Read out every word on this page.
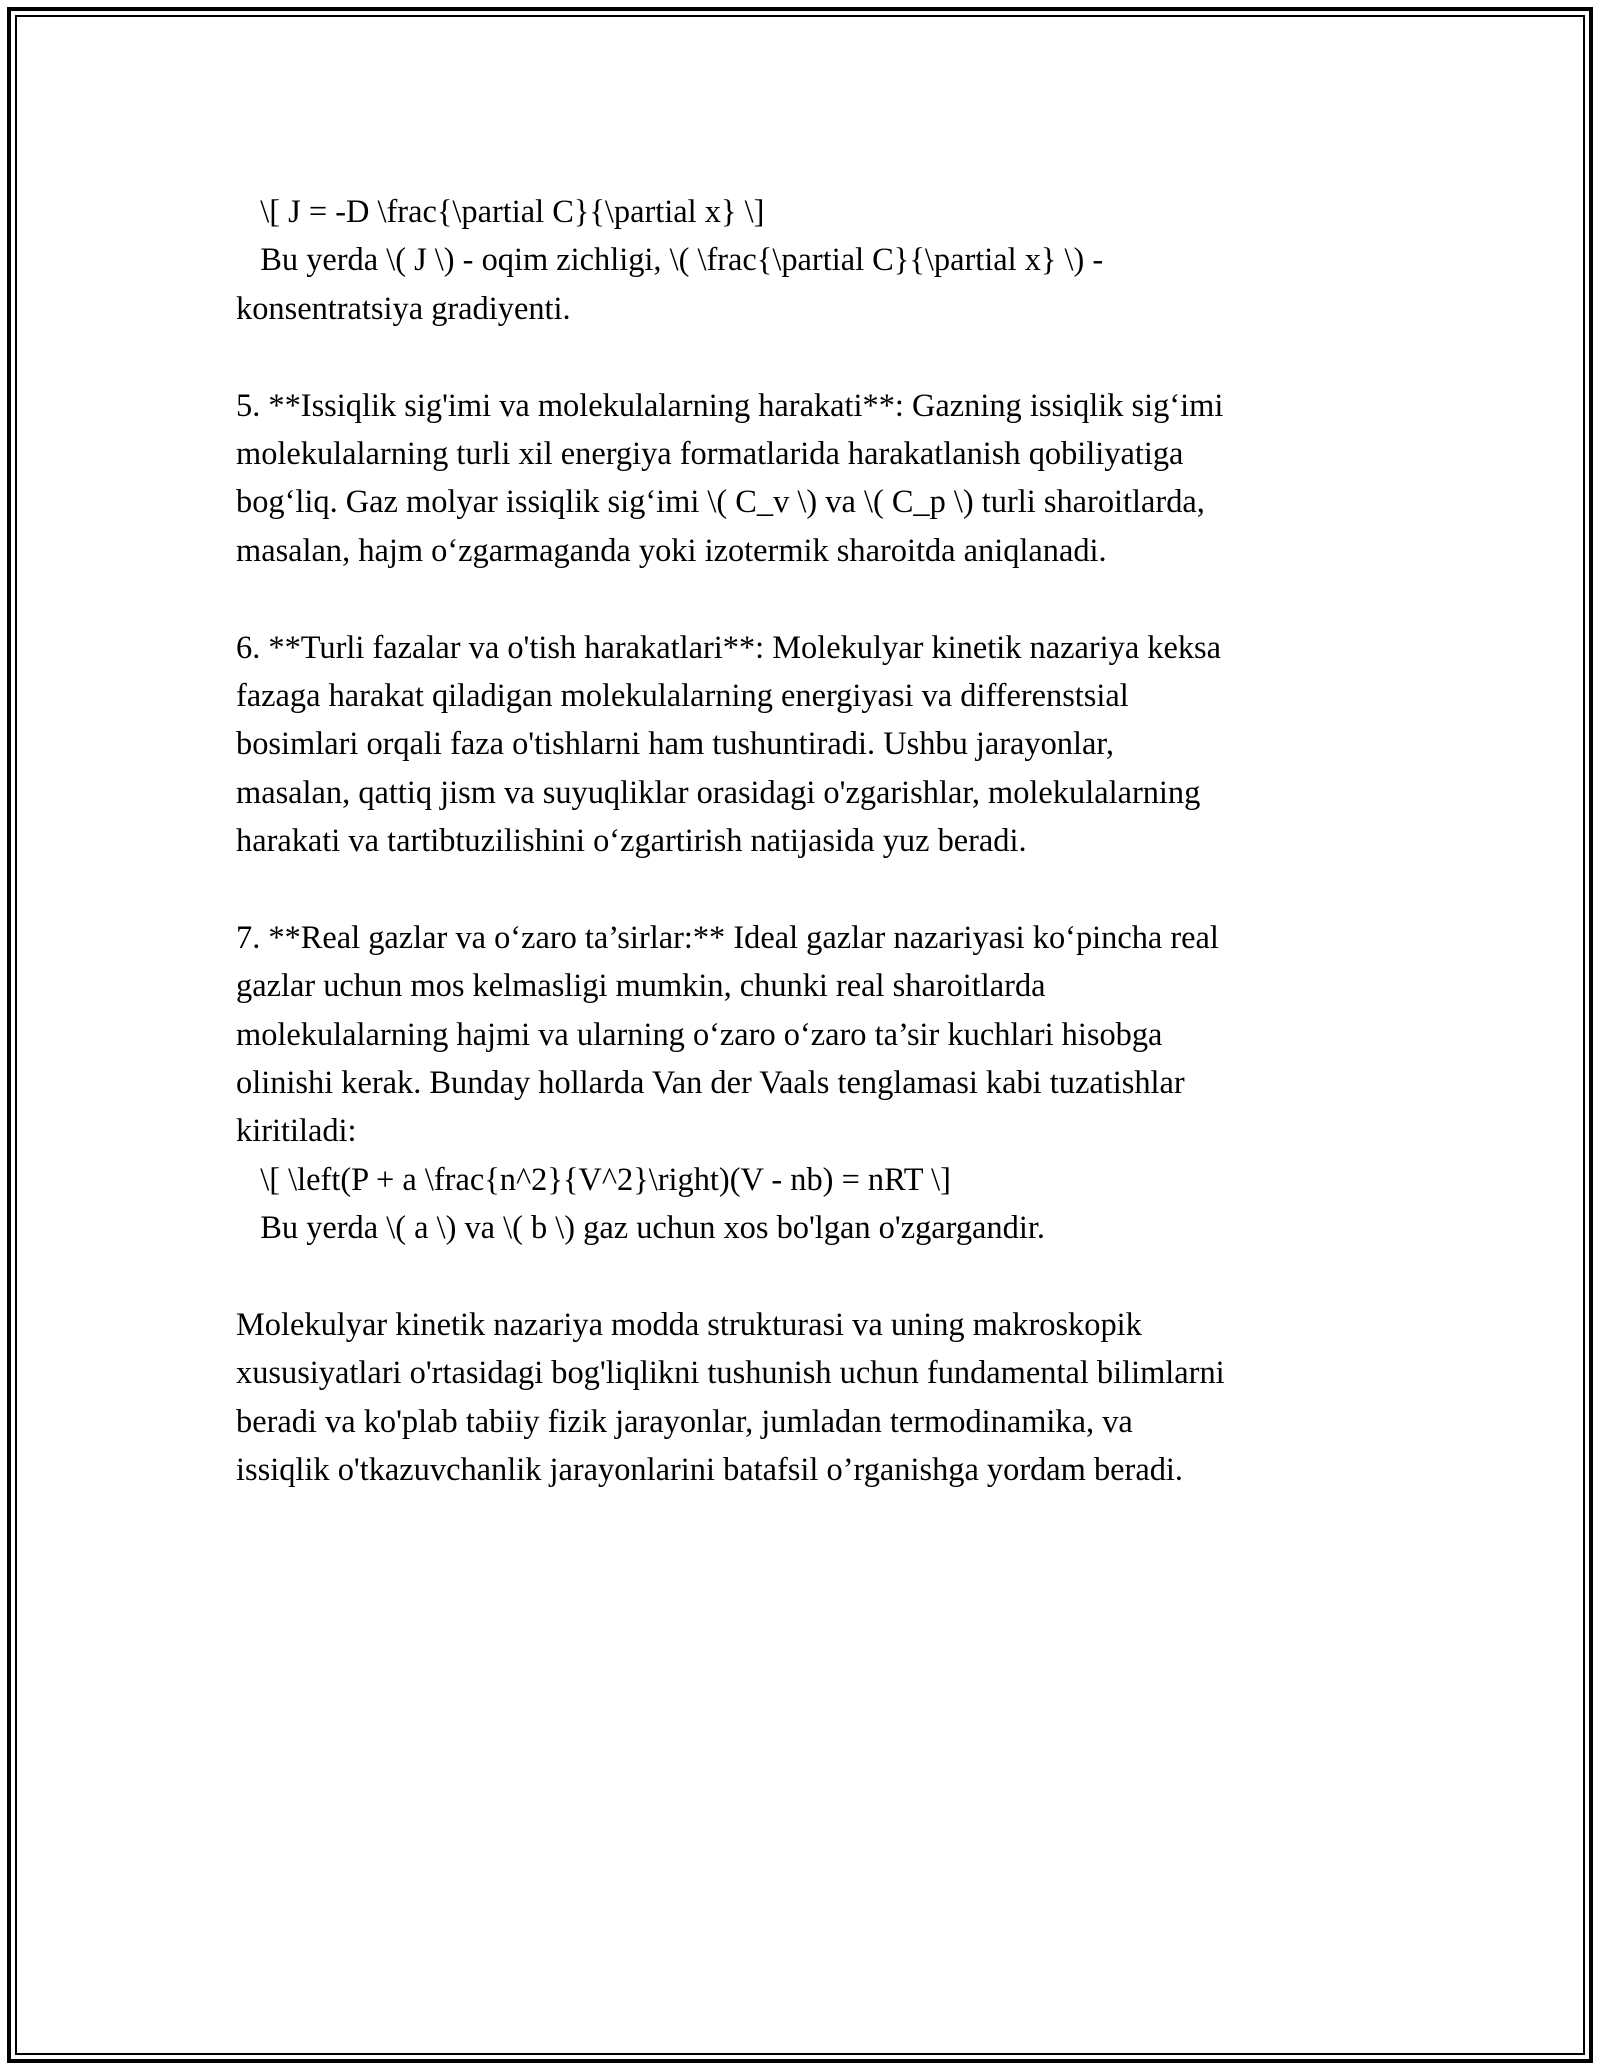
\[ J = -D \frac{\partial C}{\partial x} \]
Bu yerda \( J \) - oqim zichligi, \( \frac{\partial C}{\partial x} \) -
konsentratsiya gradiyenti.
5. **Issiqlik sig'imi va molekulalarning harakati**: Gazning issiqlik sig‘imi
molekulalarning turli xil energiya formatlarida harakatlanish qobiliyatiga
bog‘liq. Gaz molyar issiqlik sig‘imi \( C_v \) va \( C_p \) turli sharoitlarda,
masalan, hajm o‘zgarmaganda yoki izotermik sharoitda aniqlanadi.
6. **Turli fazalar va o'tish harakatlari**: Molekulyar kinetik nazariya keksa
fazaga harakat qiladigan molekulalarning energiyasi va differenstsial
bosimlari orqali faza o'tishlarni ham tushuntiradi. Ushbu jarayonlar,
masalan, qattiq jism va suyuqliklar orasidagi o'zgarishlar, molekulalarning
harakati va tartibtuzilishini o‘zgartirish natijasida yuz beradi.
7. **Real gazlar va o‘zaro ta’sirlar:** Ideal gazlar nazariyasi ko‘pincha real
gazlar uchun mos kelmasligi mumkin, chunki real sharoitlarda
molekulalarning hajmi va ularning o‘zaro o‘zaro ta’sir kuchlari hisobga
olinishi kerak. Bunday hollarda Van der Vaals tenglamasi kabi tuzatishlar
kiritiladi:
\[ \left(P + a \frac{n^2}{V^2}\right)(V - nb) = nRT \]
Bu yerda \( a \) va \( b \) gaz uchun xos bo'lgan o'zgargandir.
Molekulyar kinetik nazariya modda strukturasi va uning makroskopik
xususiyatlari o'rtasidagi bog'liqlikni tushunish uchun fundamental bilimlarni
beradi va ko'plab tabiiy fizik jarayonlar, jumladan termodinamika, va
issiqlik o'tkazuvchanlik jarayonlarini batafsil o’rganishga yordam beradi.
